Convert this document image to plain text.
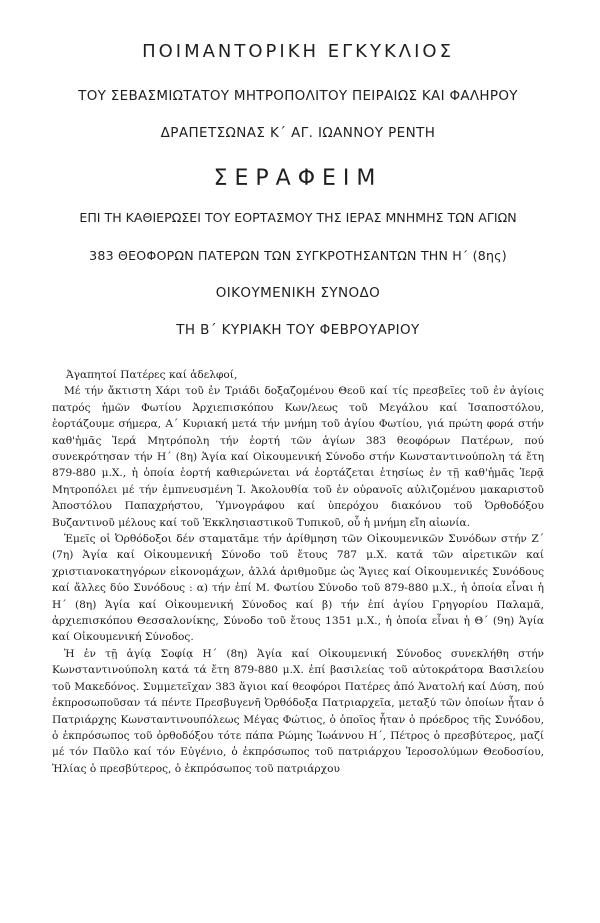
ΠΟΙΜΑΝΤΟΡΙΚΗ ΕΓΚΥΚΛΙΟΣ
ΤΟΥ ΣΕΒΑΣΜΙΩΤΑΤΟΥ ΜΗΤΡΟΠΟΛΙΤΟΥ ΠΕΙΡΑΙΩΣ ΚΑΙ ΦΑΛΗΡΟΥ
ΔΡΑΠΕΤΣΩΝΑΣ Κ΄ ΑΓ. ΙΩΑΝΝΟΥ ΡΕΝΤΗ
ΣΕΡΑΦΕΙΜ
ΕΠΙ ΤΗ ΚΑΘΙΕΡΩΣΕΙ ΤΟΥ ΕΟΡΤΑΣΜΟΥ ΤΗΣ ΙΕΡΑΣ ΜΝΗΜΗΣ ΤΩΝ ΑΓΙΩΝ
383 ΘΕΟΦΟΡΩΝ ΠΑΤΕΡΩΝ ΤΩΝ ΣΥΓΚΡΟΤΗΣΑΝΤΩΝ ΤΗΝ Η΄ (8ης)
ΟΙΚΟΥΜΕΝΙΚΗ ΣΥΝΟΔΟ
ΤΗ Β΄ ΚΥΡΙΑΚΗ ΤΟΥ ΦΕΒΡΟΥΑΡΙΟΥ

Ἀγαπητοί Πατέρες καί ἀδελφοί,

Μέ τήν ἄκτιστη Χάρι τοῦ ἐν Τριάδι δοξαζομένου Θεοῦ καί τίς πρεσβεῖες τοῦ ἐν ἁγίοις πατρός ἡμῶν Φωτίου Ἀρχιεπισκόπου Κων/λεως τοῦ Μεγάλου καί Ἰσαποστόλου, ἑορτάζουμε σήμερα, Α΄ Κυριακή μετά τήν μνήμη τοῦ ἁγίου Φωτίου, γιά πρώτη φορά στήν καθ'ἡμᾶς Ἱερά Μητρόπολη τήν ἑορτή τῶν ἁγίων 383 θεοφόρων Πατέρων, πού συνεκρότησαν τήν Η΄ (8η) Ἁγία καί Οἰκουμενική Σύνοδο στήν Κωνσταντινούπολη τά ἔτη 879-880 μ.Χ., ἡ ὁποία ἑορτή καθιερώνεται νά ἑορτάζεται ἐτησίως ἐν τῇ καθ'ἡμᾶς Ἱερᾷ Μητροπόλει μέ τήν ἐμπνευσμένη Ἱ. Ἀκολουθία τοῦ ἐν οὐρανοῖς αὐλιζομένου μακαριστοῦ Ἀποστόλου Παπαχρήστου, Ὑμνογράφου καί ὑπερόχου διακόνου τοῦ Ὀρθοδόξου Βυζαντινοῦ μέλους καί τοῦ Ἐκκλησιαστικοῦ Τυπικοῦ, οὗ ἡ μνήμη εἴη αἰωνία.

Ἐμεῖς οἱ Ὀρθόδοξοι δέν σταματᾶμε τήν ἀρίθμηση τῶν Οἰκουμενικῶν Συνόδων στήν Ζ΄ (7η) Ἁγία καί Οἰκουμενική Σύνοδο τοῦ ἔτους 787 μ.Χ. κατά τῶν αἱρετικῶν καί χριστιανοκατηγόρων εἰκονομάχων, ἀλλά ἀριθμοῦμε ὡς Ἅγιες καί Οἰκουμενικές Συνόδους καί ἄλλες δύο Συνόδους : α) τήν ἐπί Μ. Φωτίου Σύνοδο τοῦ 879-880 μ.Χ., ἡ ὁποία εἶναι ἡ Η΄ (8η) Ἁγία καί Οἰκουμενική Σύνοδος καί β) τήν ἐπί ἁγίου Γρηγορίου Παλαμᾶ, ἀρχιεπισκόπου Θεσσαλονίκης, Σύνοδο τοῦ ἔτους 1351 μ.Χ., ἡ ὁποία εἶναι ἡ Θ΄ (9η) Ἁγία καί Οἰκουμενική Σύνοδος.

Ἡ ἐν τῇ ἁγίᾳ Σοφίᾳ Η΄ (8η) Ἁγία καί Οἰκουμενική Σύνοδος συνεκλήθη στήν Κωνσταντινούπολη κατά τά ἔτη 879-880 μ.Χ. ἐπί βασιλείας τοῦ αὐτοκράτορα Βασιλείου τοῦ Μακεδόνος. Συμμετεῖχαν 383 ἅγιοι καί θεοφόροι Πατέρες ἀπό Ἀνατολή καί Δύση, πού ἐκπροσωποῦσαν τά πέντε Πρεσβυγενῆ Ὀρθόδοξα Πατριαρχεῖα, μεταξύ τῶν ὁποίων ἦταν ὁ Πατριάρχης Κωνσταντινουπόλεως Μέγας Φώτιος, ὁ ὁποῖος ἦταν ὁ πρόεδρος τῆς Συνόδου, ὁ ἐκπρόσωπος τοῦ ὀρθοδόξου τότε πάπα Ρώμης Ἰωάννου Η΄, Πέτρος ὁ πρεσβύτερος, μαζί μέ τόν Παῦλο καί τόν Εὐγένιο, ὁ ἐκπρόσωπος τοῦ πατριάρχου Ἱεροσολύμων Θεοδοσίου, Ἠλίας ὁ πρεσβύτερος, ὁ ἐκπρόσωπος τοῦ πατριάρχου
